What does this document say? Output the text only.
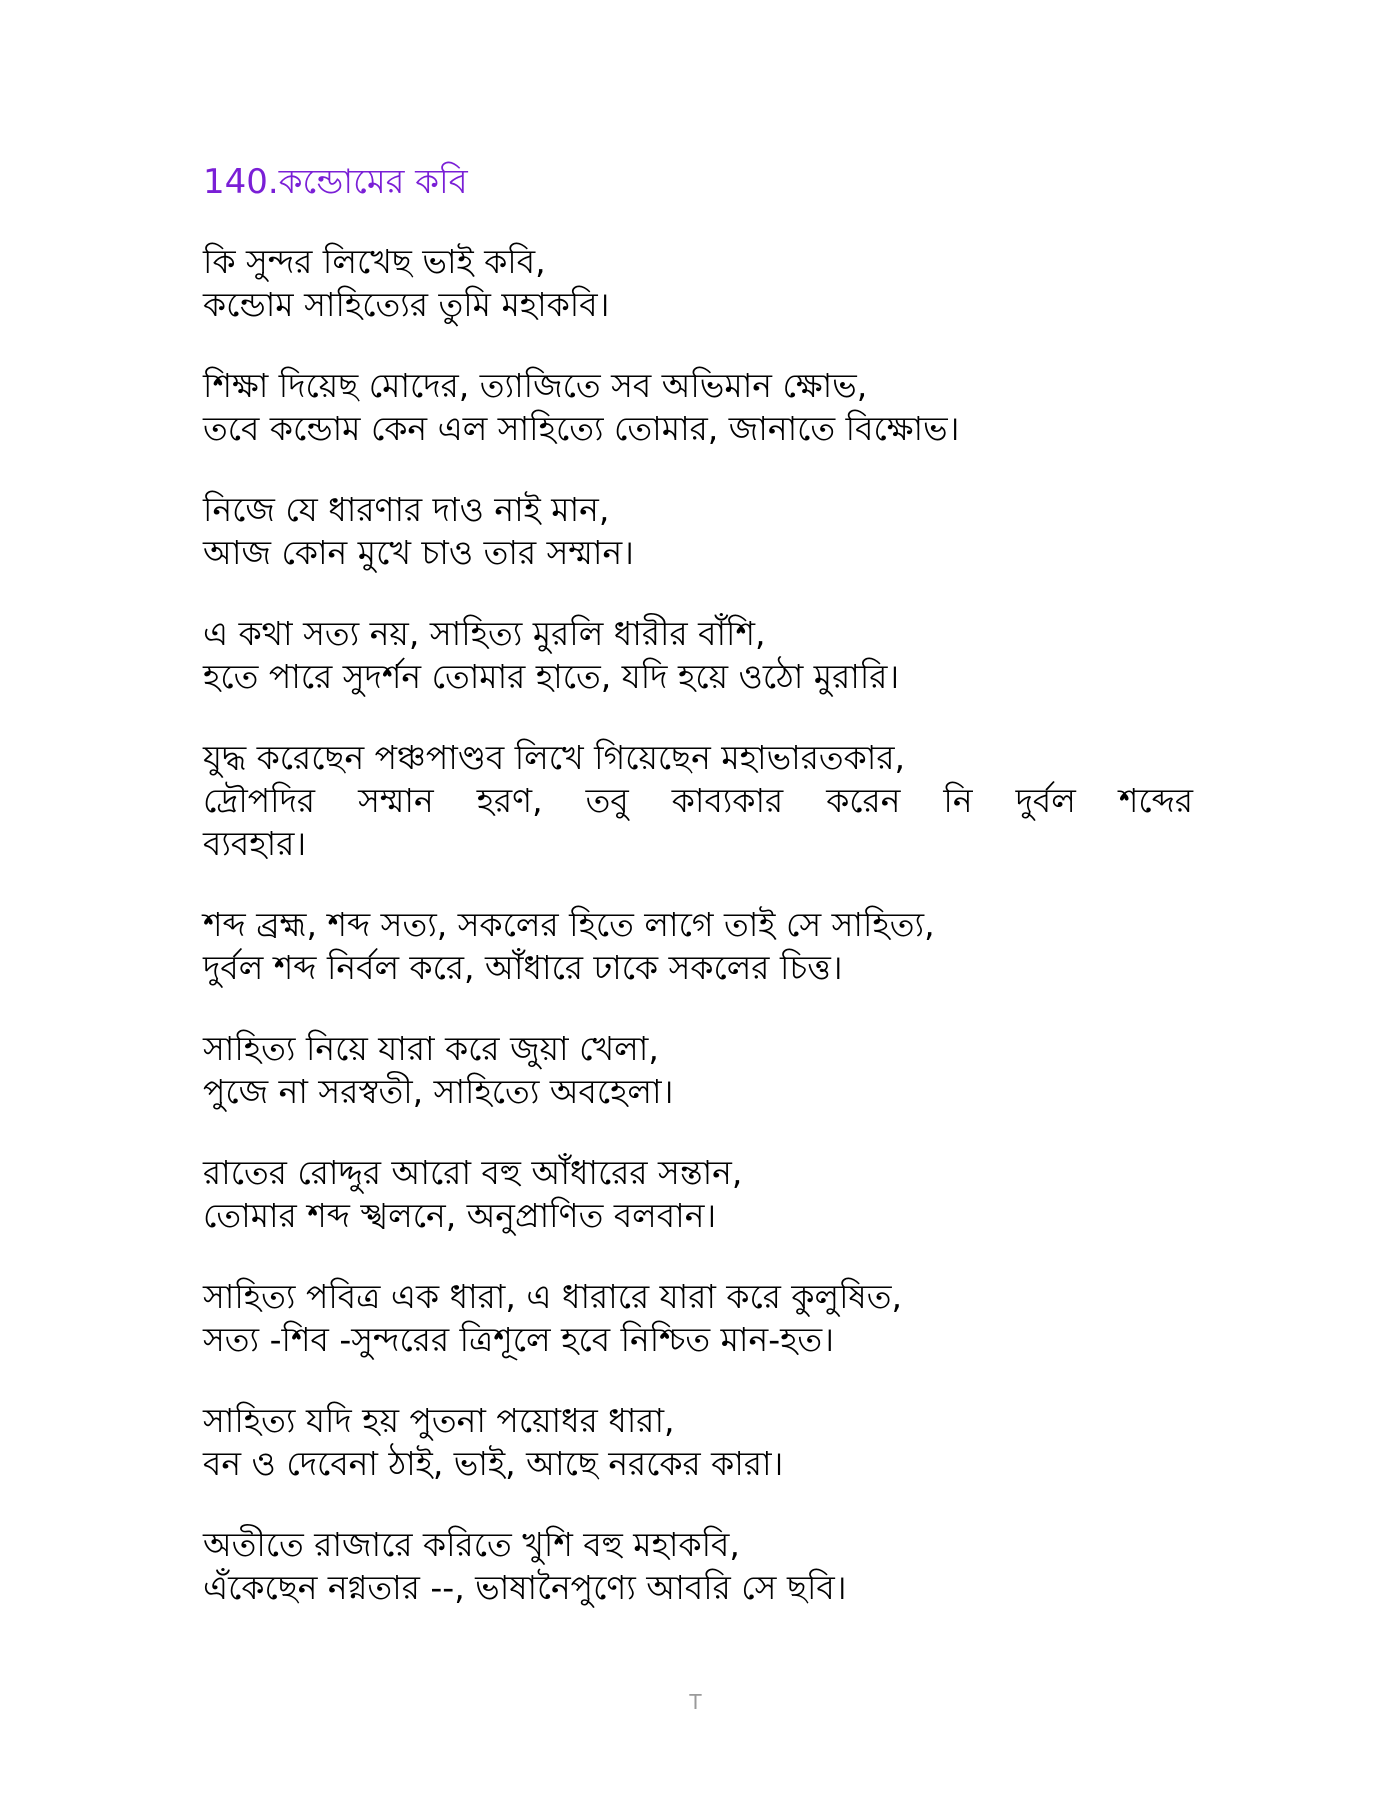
140.কন্ডোমের কবি
কি সুন্দর লিখেছ ভাই কবি,
কন্ডোম সাহিত্যের তুমি মহাকবি।
শিক্ষা দিয়েছ মোদের, ত্যাজিতে সব অভিমান ক্ষোভ,
তবে কন্ডোম কেন এল সাহিত্যে তোমার, জানাতে বিক্ষোভ।
নিজে যে ধারণার দাও নাই মান,
আজ কোন মুখে চাও তার সম্মান।
এ কথা সত্য নয়, সাহিত্য মুরলি ধারীর বাঁশি,
হতে পারে সুদর্শন তোমার হাতে, যদি হয়ে ওঠো মুরারি।
যুদ্ধ করেছেন পঞ্চপাণ্ডব লিখে গিয়েছেন মহাভারতকার,
দ্রৌপদির সম্মান হরণ, তবু কাব্যকার করেন নি দুর্বল শব্দের
ব্যবহার।
শব্দ ব্রহ্ম, শব্দ সত্য, সকলের হিতে লাগে তাই সে সাহিত্য,
দুর্বল শব্দ নির্বল করে, আঁধারে ঢাকে সকলের চিত্ত।
সাহিত্য নিয়ে যারা করে জুয়া খেলা,
পুজে না সরস্বতী, সাহিত্যে অবহেলা।
রাতের রোদ্দুর আরো বহু আঁধারের সন্তান,
তোমার শব্দ স্খলনে, অনুপ্রাণিত বলবান।
সাহিত্য পবিত্র এক ধারা, এ ধারারে যারা করে কুলুষিত,
সত্য -শিব -সুন্দরের ত্রিশূলে হবে নিশ্চিত মান-হত।
সাহিত্য যদি হয় পুতনা পয়োধর ধারা,
বন ও দেবেনা ঠাই, ভাই, আছে নরকের কারা।
অতীতে রাজারে করিতে খুশি বহু মহাকবি,
এঁকেছেন নগ্নতার --, ভাষানৈপুণ্যে আবরি সে ছবি।
T
